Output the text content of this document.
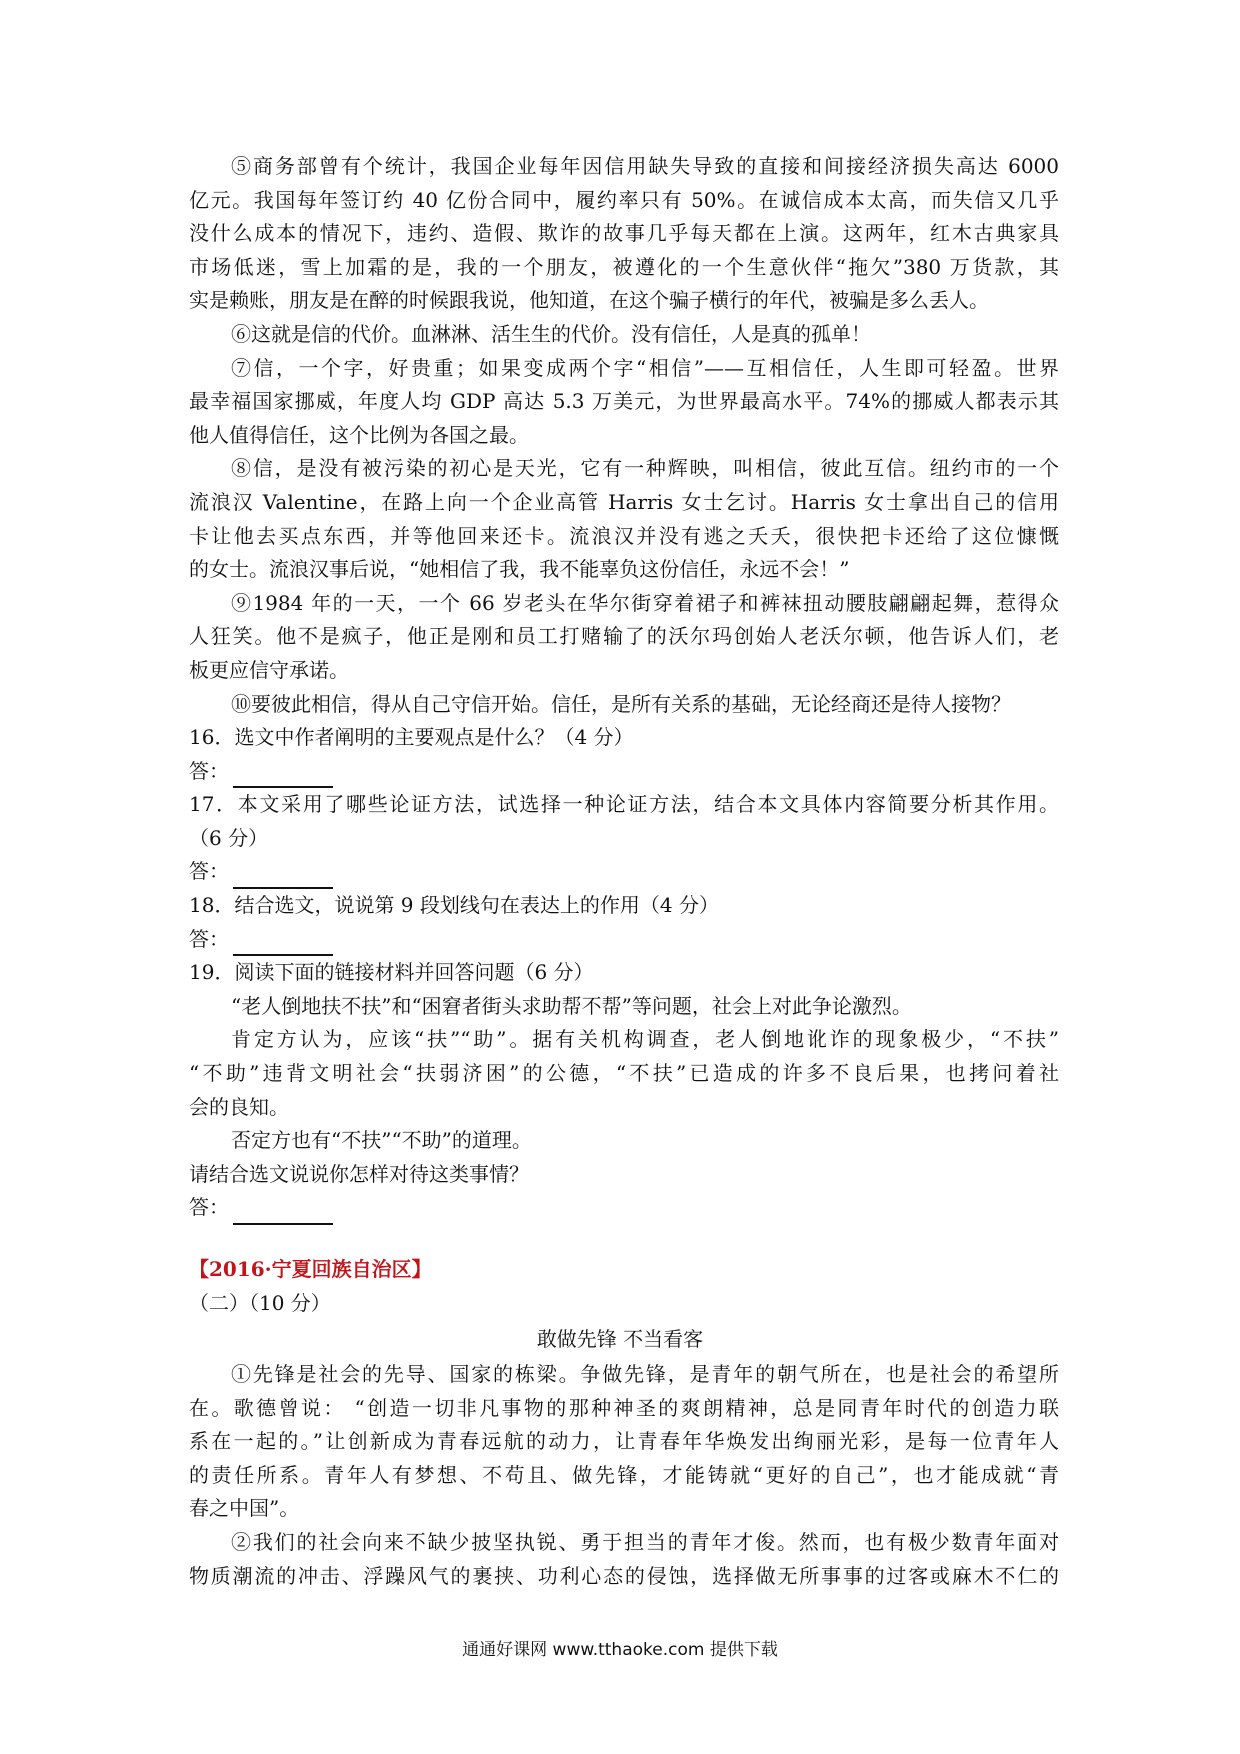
⑤商务部曾有个统计，我国企业每年因信用缺失导致的直接和间接经济损失高达 6000
亿元。我国每年签订约 40 亿份合同中，履约率只有 50%。在诚信成本太高，而失信又几乎
没什么成本的情况下，违约、造假、欺诈的故事几乎每天都在上演。这两年，红木古典家具
市场低迷，雪上加霜的是，我的一个朋友，被遵化的一个生意伙伴“拖欠”380 万货款，其
实是赖账，朋友是在醉的时候跟我说，他知道，在这个骗子横行的年代，被骗是多么丢人。
⑥这就是信的代价。血淋淋、活生生的代价。没有信任，人是真的孤单！
⑦信，一个字，好贵重；如果变成两个字“相信”——互相信任，人生即可轻盈。世界
最幸福国家挪威，年度人均 GDP 高达 5.3 万美元，为世界最高水平。74%的挪威人都表示其
他人值得信任，这个比例为各国之最。
⑧信，是没有被污染的初心是天光，它有一种辉映，叫相信，彼此互信。纽约市的一个
流浪汉 Valentine，在路上向一个企业高管 Harris 女士乞讨。Harris 女士拿出自己的信用
卡让他去买点东西，并等他回来还卡。流浪汉并没有逃之夭夭，很快把卡还给了这位慷慨
的女士。流浪汉事后说，“她相信了我，我不能辜负这份信任，永远不会！”
⑨1984 年的一天，一个 66 岁老头在华尔街穿着裙子和裤袜扭动腰肢翩翩起舞，惹得众
人狂笑。他不是疯子，他正是刚和员工打赌输了的沃尔玛创始人老沃尔顿，他告诉人们，老
板更应信守承诺。
⑩要彼此相信，得从自己守信开始。信任，是所有关系的基础，无论经商还是待人接物？
16．选文中作者阐明的主要观点是什么？（4 分）
答：
17．本文采用了哪些论证方法，试选择一种论证方法，结合本文具体内容简要分析其作用。
（6 分）
答：
18．结合选文，说说第 9 段划线句在表达上的作用（4 分）
答：
19．阅读下面的链接材料并回答问题（6 分）
“老人倒地扶不扶”和“困窘者街头求助帮不帮”等问题，社会上对此争论激烈。
肯定方认为，应该“扶”“助”。据有关机构调查，老人倒地讹诈的现象极少，“不扶”
“不助”违背文明社会“扶弱济困”的公德，“不扶”已造成的许多不良后果，也拷问着社
会的良知。
否定方也有“不扶”“不助”的道理。
请结合选文说说你怎样对待这类事情？
答：
【2016·宁夏回族自治区】
（二）（10 分）
敢做先锋 不当看客
①先锋是社会的先导、国家的栋梁。争做先锋，是青年的朝气所在，也是社会的希望所
在。歌德曾说： “创造一切非凡事物的那种神圣的爽朗精神，总是同青年时代的创造力联
系在一起的。”让创新成为青春远航的动力，让青春年华焕发出绚丽光彩，是每一位青年人
的责任所系。青年人有梦想、不苟且、做先锋，才能铸就“更好的自己”，也才能成就“青
春之中国”。
②我们的社会向来不缺少披坚执锐、勇于担当的青年才俊。然而，也有极少数青年面对
物质潮流的冲击、浮躁风气的裹挟、功利心态的侵蚀，选择做无所事事的过客或麻木不仁的
通通好课网 www.tthaoke.com 提供下载
